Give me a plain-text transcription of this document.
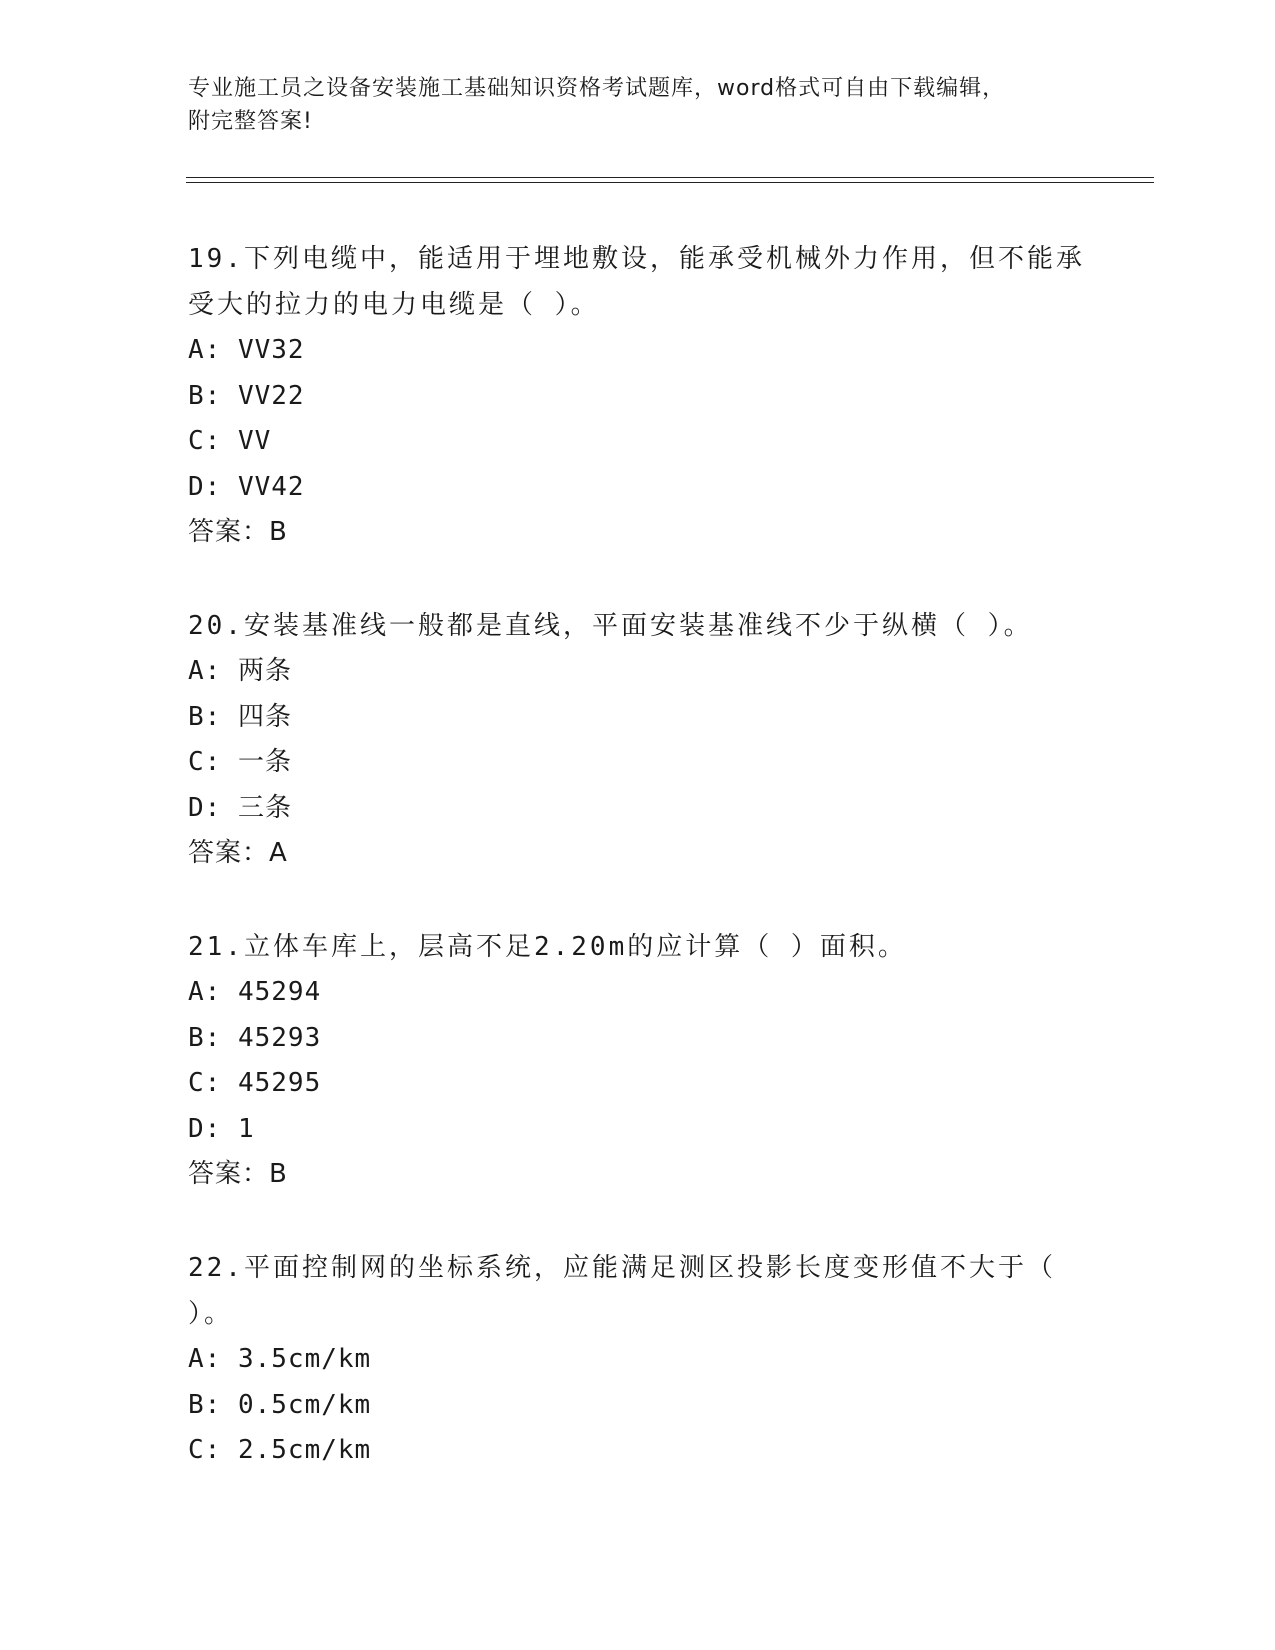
专业施工员之设备安装施工基础知识资格考试题库，word格式可自由下载编辑，
附完整答案!

19.下列电缆中，能适用于埋地敷设，能承受机械外力作用，但不能承

受大的拉力的电力电缆是（ ）。

A: VV32

B: VV22

C: VV

D: VV42

答案：B

20.安装基准线一般都是直线，平面安装基准线不少于纵横（ ）。

A: 两条

B: 四条

C: 一条

D: 三条

答案：A

21.立体车库上，层高不足2.20m的应计算（ ）面积。

A: 45294

B: 45293

C: 45295

D: 1

答案：B

22.平面控制网的坐标系统，应能满足测区投影长度变形值不大于（

）。

A: 3.5cm/km

B: 0.5cm/km

C: 2.5cm/km
